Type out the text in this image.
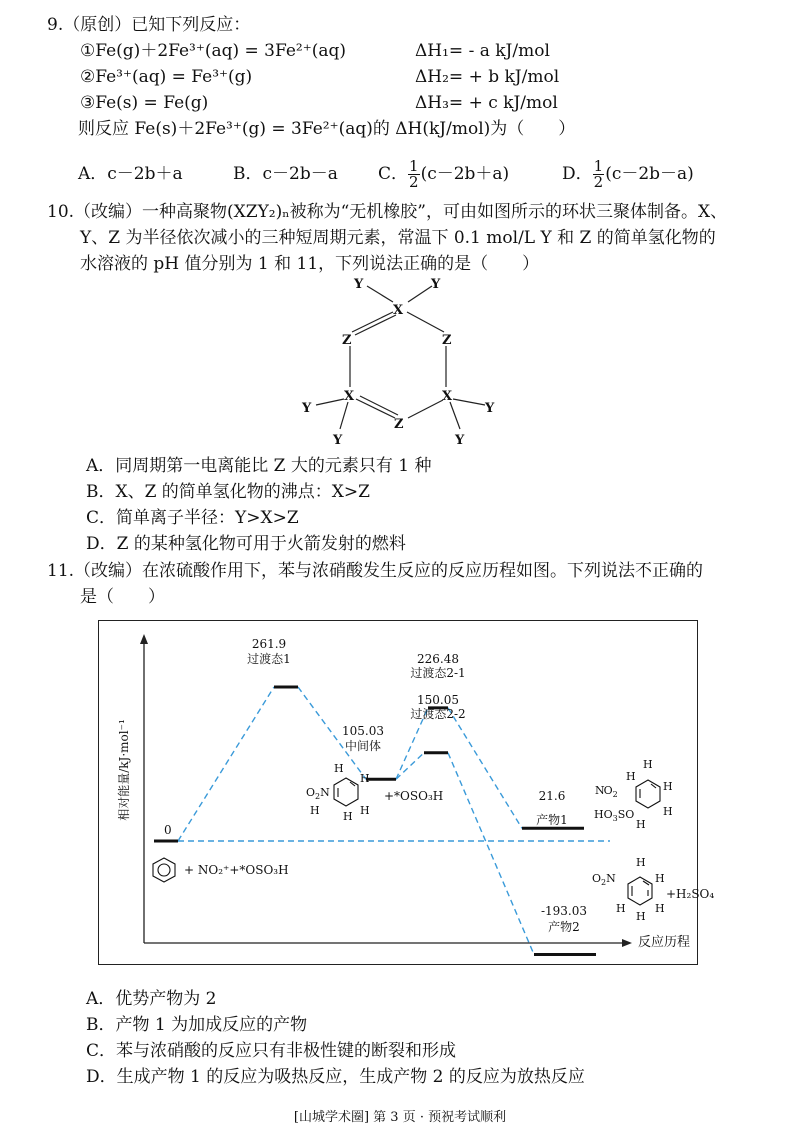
9.（原创）已知下列反应：
①Fe(g)＋2Fe³⁺(aq) = 3Fe²⁺(aq)	ΔH₁= - a kJ/mol
②Fe³⁺(aq) = Fe³⁺(g)	ΔH₂= + b kJ/mol
③Fe(s) = Fe(g)	ΔH₃= + c kJ/mol
则反应 Fe(s)＋2Fe³⁺(g) = 3Fe²⁺(aq)的 ΔH(kJ/mol)为（　　）
A．c－2b＋a	B．c－2b－a C． $\frac{1}{2} (c-2b+a)$	D． $\frac{1}{2} (c-2b-a)$
10.（改编）一种高聚物(XZY₂)ₙ被称为“无机橡胶”，可由如图所示的环状三聚体制备。X、
Y、Z 为半径依次减小的三种短周期元素，常温下 0.1 mol/L Y 和 Z 的简单氢化物的
水溶液的 pH 值分别为 1 和 11，下列说法正确的是（　　）
Y	Y
X
Z	Z
X	X
Z
Y	Y
Y	Y
A．同周期第一电离能比 Z 大的元素只有 1 种
B．X、Z 的简单氢化物的沸点：X>Z
C．简单离子半径：Y>X>Z
D．Z 的某种氢化物可用于火箭发射的燃料
11.（改编）在浓硫酸作用下，苯与浓硝酸发生反应的反应历程如图。下列说法不正确的
是（　　）
相对能量/kJ·mol⁻¹
反应历程
0
261.9
过渡态1
105.03
中间体
226.48
过渡态2-1
150.05
过渡态2-2
21.6
产物1
-193.03
产物2
+ NO₂⁺+*OSO₃H
$O_2N$
H
H
H	H
H
+*OSO₃H	$NO_2$
$HO_3SO$
H
H
H
H
H
$O_2N$
H
H
H
H
H
+H₂SO₄
A．优势产物为 2
B．产物 1 为加成反应的产物
C．苯与浓硝酸的反应只有非极性键的断裂和形成
D．生成产物 1 的反应为吸热反应，生成产物 2 的反应为放热反应
[山城学术圈] 第 3 页 · 预祝考试顺利
